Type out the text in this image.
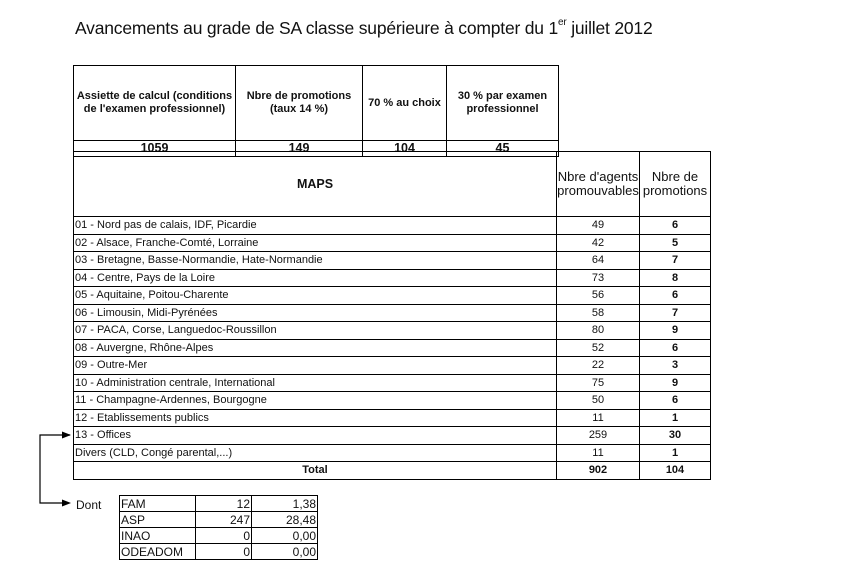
Avancements au grade de SA classe supérieure à compter du 1er juillet 2012
Assiette de calcul (conditions de l'examen professionnel)	Nbre de promotions (taux 14 %)	70 % au choix	30 % par examen professionnel
1059	149	104	45
MAPS	Nbre d'agents promouvables	Nbre de promotions
01 - Nord pas de calais, IDF, Picardie	49	6
02 - Alsace, Franche-Comté, Lorraine	42	5
03 - Bretagne, Basse-Normandie, Hate-Normandie	64	7
04 - Centre, Pays de la Loire	73	8
05 - Aquitaine, Poitou-Charente	56	6
06 - Limousin, Midi-Pyrénées	58	7
07 - PACA, Corse, Languedoc-Roussillon	80	9
08 - Auvergne, Rhône-Alpes	52	6
09 - Outre-Mer	22	3
10 - Administration centrale, International	75	9
11 - Champagne-Ardennes, Bourgogne	50	6
12 - Etablissements publics	11	1
13 - Offices	259	30
Divers (CLD, Congé parental,...)	11	1
Total	902	104
Dont FAM	12	1,38
ASP	247	28,48
INAO	0	0,00
ODEADOM	0	0,00
